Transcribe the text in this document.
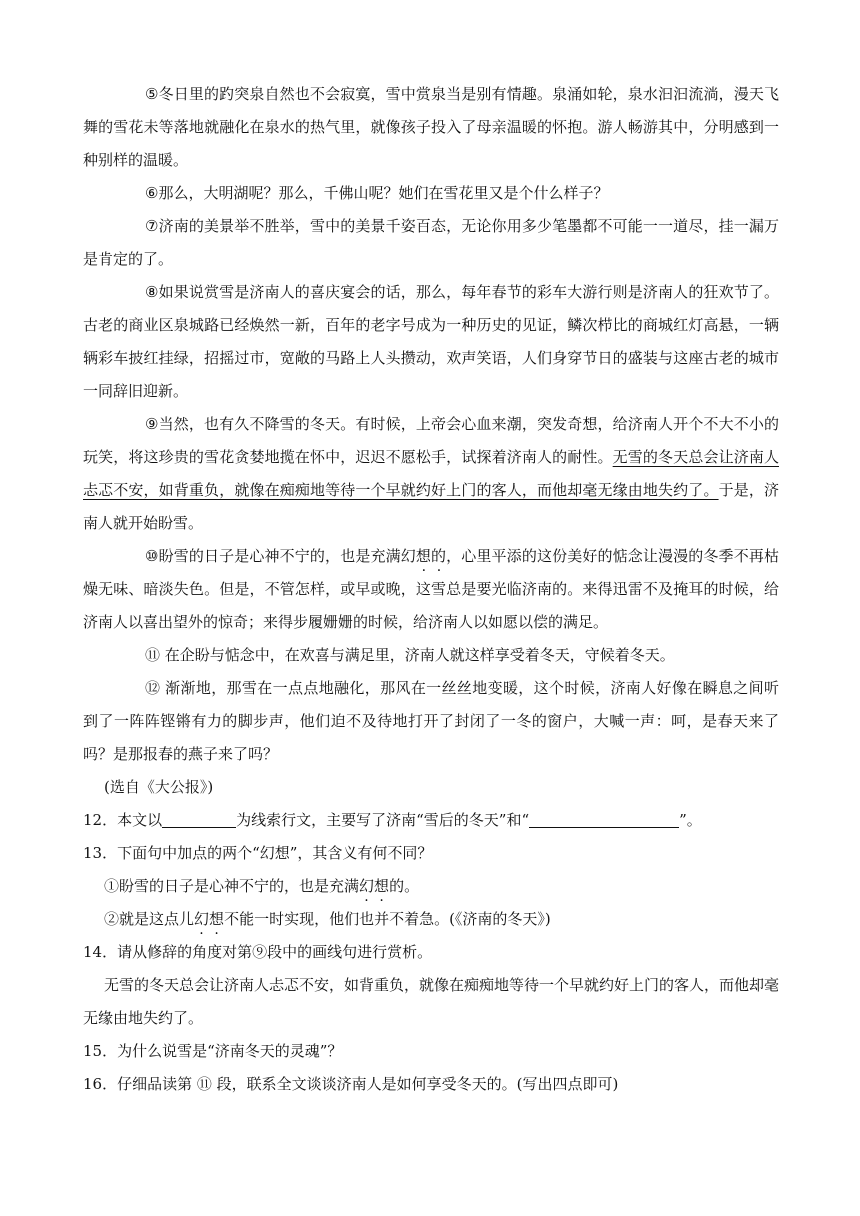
⑤冬日里的趵突泉自然也不会寂寞，雪中赏泉当是别有情趣。泉涌如轮，泉水汩汩流淌，漫天飞舞的雪花未等落地就融化在泉水的热气里，就像孩子投入了母亲温暖的怀抱。游人畅游其中，分明感到一种别样的温暖。

⑥那么，大明湖呢？那么，千佛山呢？她们在雪花里又是个什么样子？

⑦济南的美景举不胜举，雪中的美景千姿百态，无论你用多少笔墨都不可能一一道尽，挂一漏万是肯定的了。

⑧如果说赏雪是济南人的喜庆宴会的话，那么，每年春节的彩车大游行则是济南人的狂欢节了。古老的商业区泉城路已经焕然一新，百年的老字号成为一种历史的见证，鳞次栉比的商城红灯高悬，一辆辆彩车披红挂绿，招摇过市，宽敞的马路上人头攒动，欢声笑语，人们身穿节日的盛装与这座古老的城市一同辞旧迎新。

⑨当然，也有久不降雪的冬天。有时候，上帝会心血来潮，突发奇想，给济南人开个不大不小的玩笑，将这珍贵的雪花贪婪地揽在怀中，迟迟不愿松手，试探着济南人的耐性。无雪的冬天总会让济南人忐忑不安，如背重负，就像在痴痴地等待一个早就约好上门的客人，而他却毫无缘由地失约了。于是，济南人就开始盼雪。

⑩盼雪的日子是心神不宁的，也是充满幻想的，心里平添的这份美好的惦念让漫漫的冬季不再枯燥无味、暗淡失色。但是，不管怎样，或早或晚，这雪总是要光临济南的。来得迅雷不及掩耳的时候，给济南人以喜出望外的惊奇；来得步履姗姗的时候，给济南人以如愿以偿的满足。

⑪ 在企盼与惦念中，在欢喜与满足里，济南人就这样享受着冬天，守候着冬天。

⑫ 渐渐地，那雪在一点点地融化，那风在一丝丝地变暖，这个时候，济南人好像在瞬息之间听到了一阵阵铿锵有力的脚步声，他们迫不及待地打开了封闭了一冬的窗户，大喊一声：呵，是春天来了吗？是那报春的燕子来了吗？

(选自《大公报》)

12．本文以	为线索行文，主要写了济南“雪后的冬天”和“	”。

13．下面句中加点的两个“幻想”，其含义有何不同？

①盼雪的日子是心神不宁的，也是充满幻想的。

②就是这点儿幻想不能一时实现，他们也并不着急。(《济南的冬天》)

14．请从修辞的角度对第⑨段中的画线句进行赏析。

无雪的冬天总会让济南人忐忑不安，如背重负，就像在痴痴地等待一个早就约好上门的客人，而他却毫无缘由地失约了。

15．为什么说雪是“济南冬天的灵魂”？

16．仔细品读第 ⑪ 段，联系全文谈谈济南人是如何享受冬天的。(写出四点即可)
